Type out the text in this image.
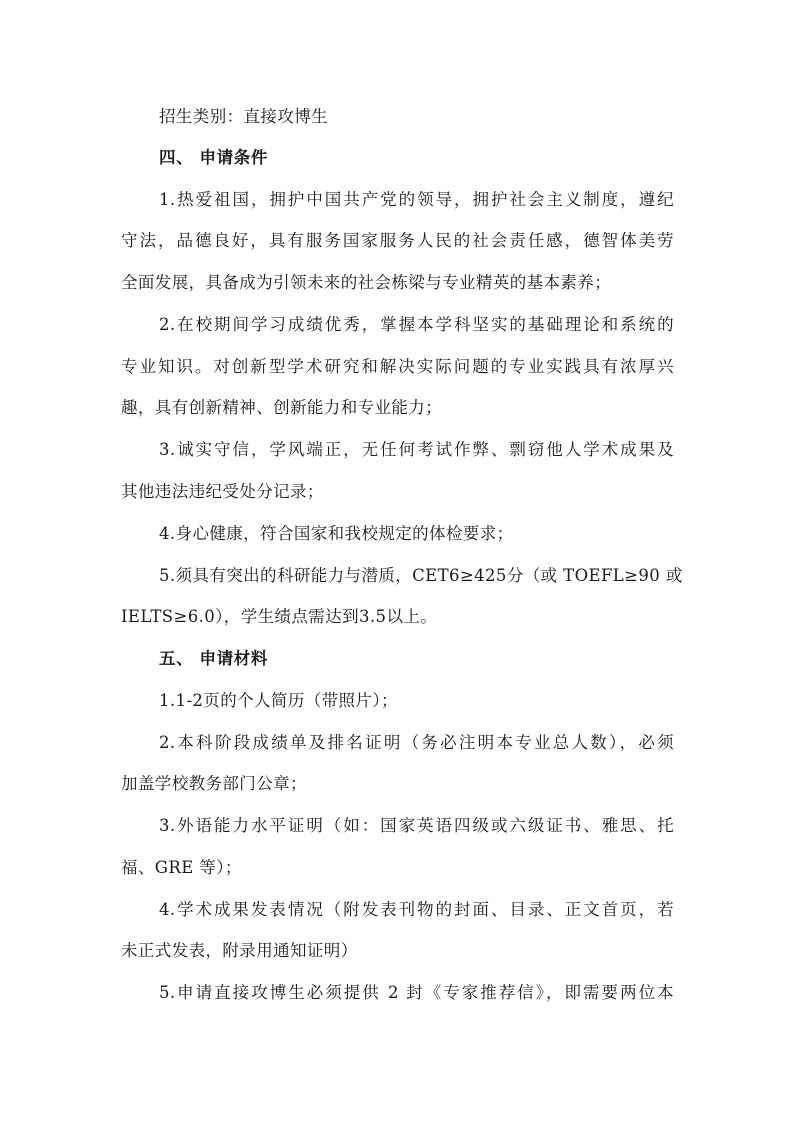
招生类别：直接攻博生
四、 申请条件
1.热爱祖国，拥护中国共产党的领导，拥护社会主义制度，遵纪
守法，品德良好，具有服务国家服务人民的社会责任感，德智体美劳
全面发展，具备成为引领未来的社会栋梁与专业精英的基本素养；
2.在校期间学习成绩优秀，掌握本学科坚实的基础理论和系统的
专业知识。对创新型学术研究和解决实际问题的专业实践具有浓厚兴
趣，具有创新精神、创新能力和专业能力；
3.诚实守信，学风端正，无任何考试作弊、剽窃他人学术成果及
其他违法违纪受处分记录；
4.身心健康，符合国家和我校规定的体检要求；
5.须具有突出的科研能力与潜质，CET6≥425分（或 TOEFL≥90 或
IELTS≥6.0），学生绩点需达到3.5以上。
五、 申请材料
1.1-2页的个人简历（带照片）；
2.本科阶段成绩单及排名证明（务必注明本专业总人数），必须
加盖学校教务部门公章；
3.外语能力水平证明（如：国家英语四级或六级证书、雅思、托
福、GRE 等）；
4.学术成果发表情况（附发表刊物的封面、目录、正文首页，若
未正式发表，附录用通知证明）
5.申请直接攻博生必须提供 2 封《专家推荐信》，即需要两位本
